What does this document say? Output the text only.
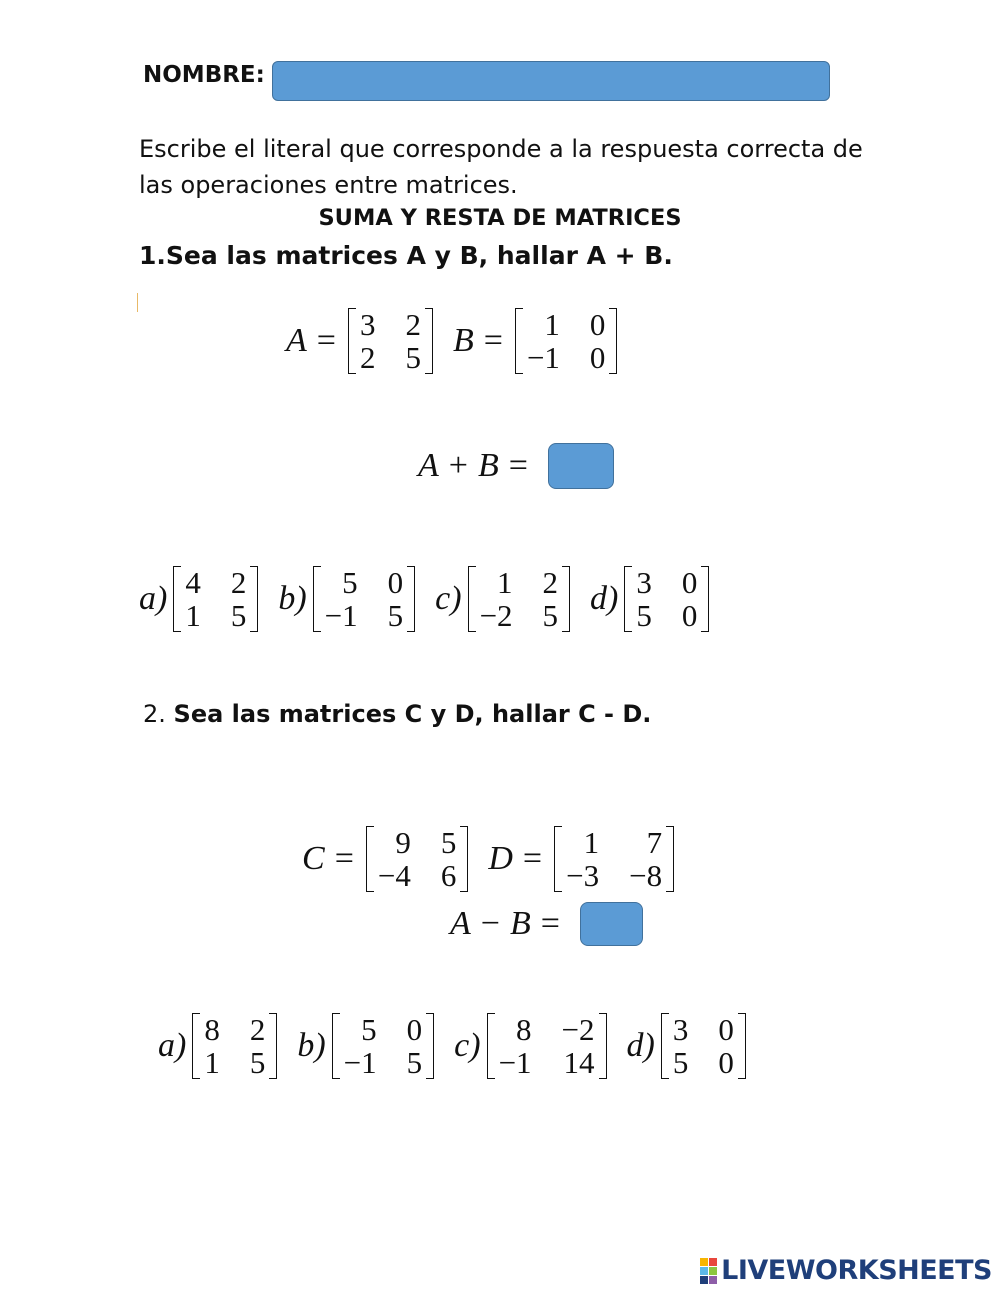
NOMBRE:
Escribe el literal que corresponde a la respuesta correcta de las operaciones entre matrices.
SUMA Y RESTA DE MATRICES
1.Sea las matrices A y B, hallar A + B.
A = 3 2
2 5 B =	1 0
−1 0
A + B =
a) 4 2
1 5 b)	5 0
−1 5 c)	1 2
−2 5 d) 3 0
5 0
2. Sea las matrices C y D, hallar C - D.
C =	9 5
−4 6 D =	1	7
−3 −8
A − B =
a) 8 2
1 5 b)	5 0
−1 5 c)	8 −2
−1 14 d) 3 0
5 0
LIVEWORKSHEETS
